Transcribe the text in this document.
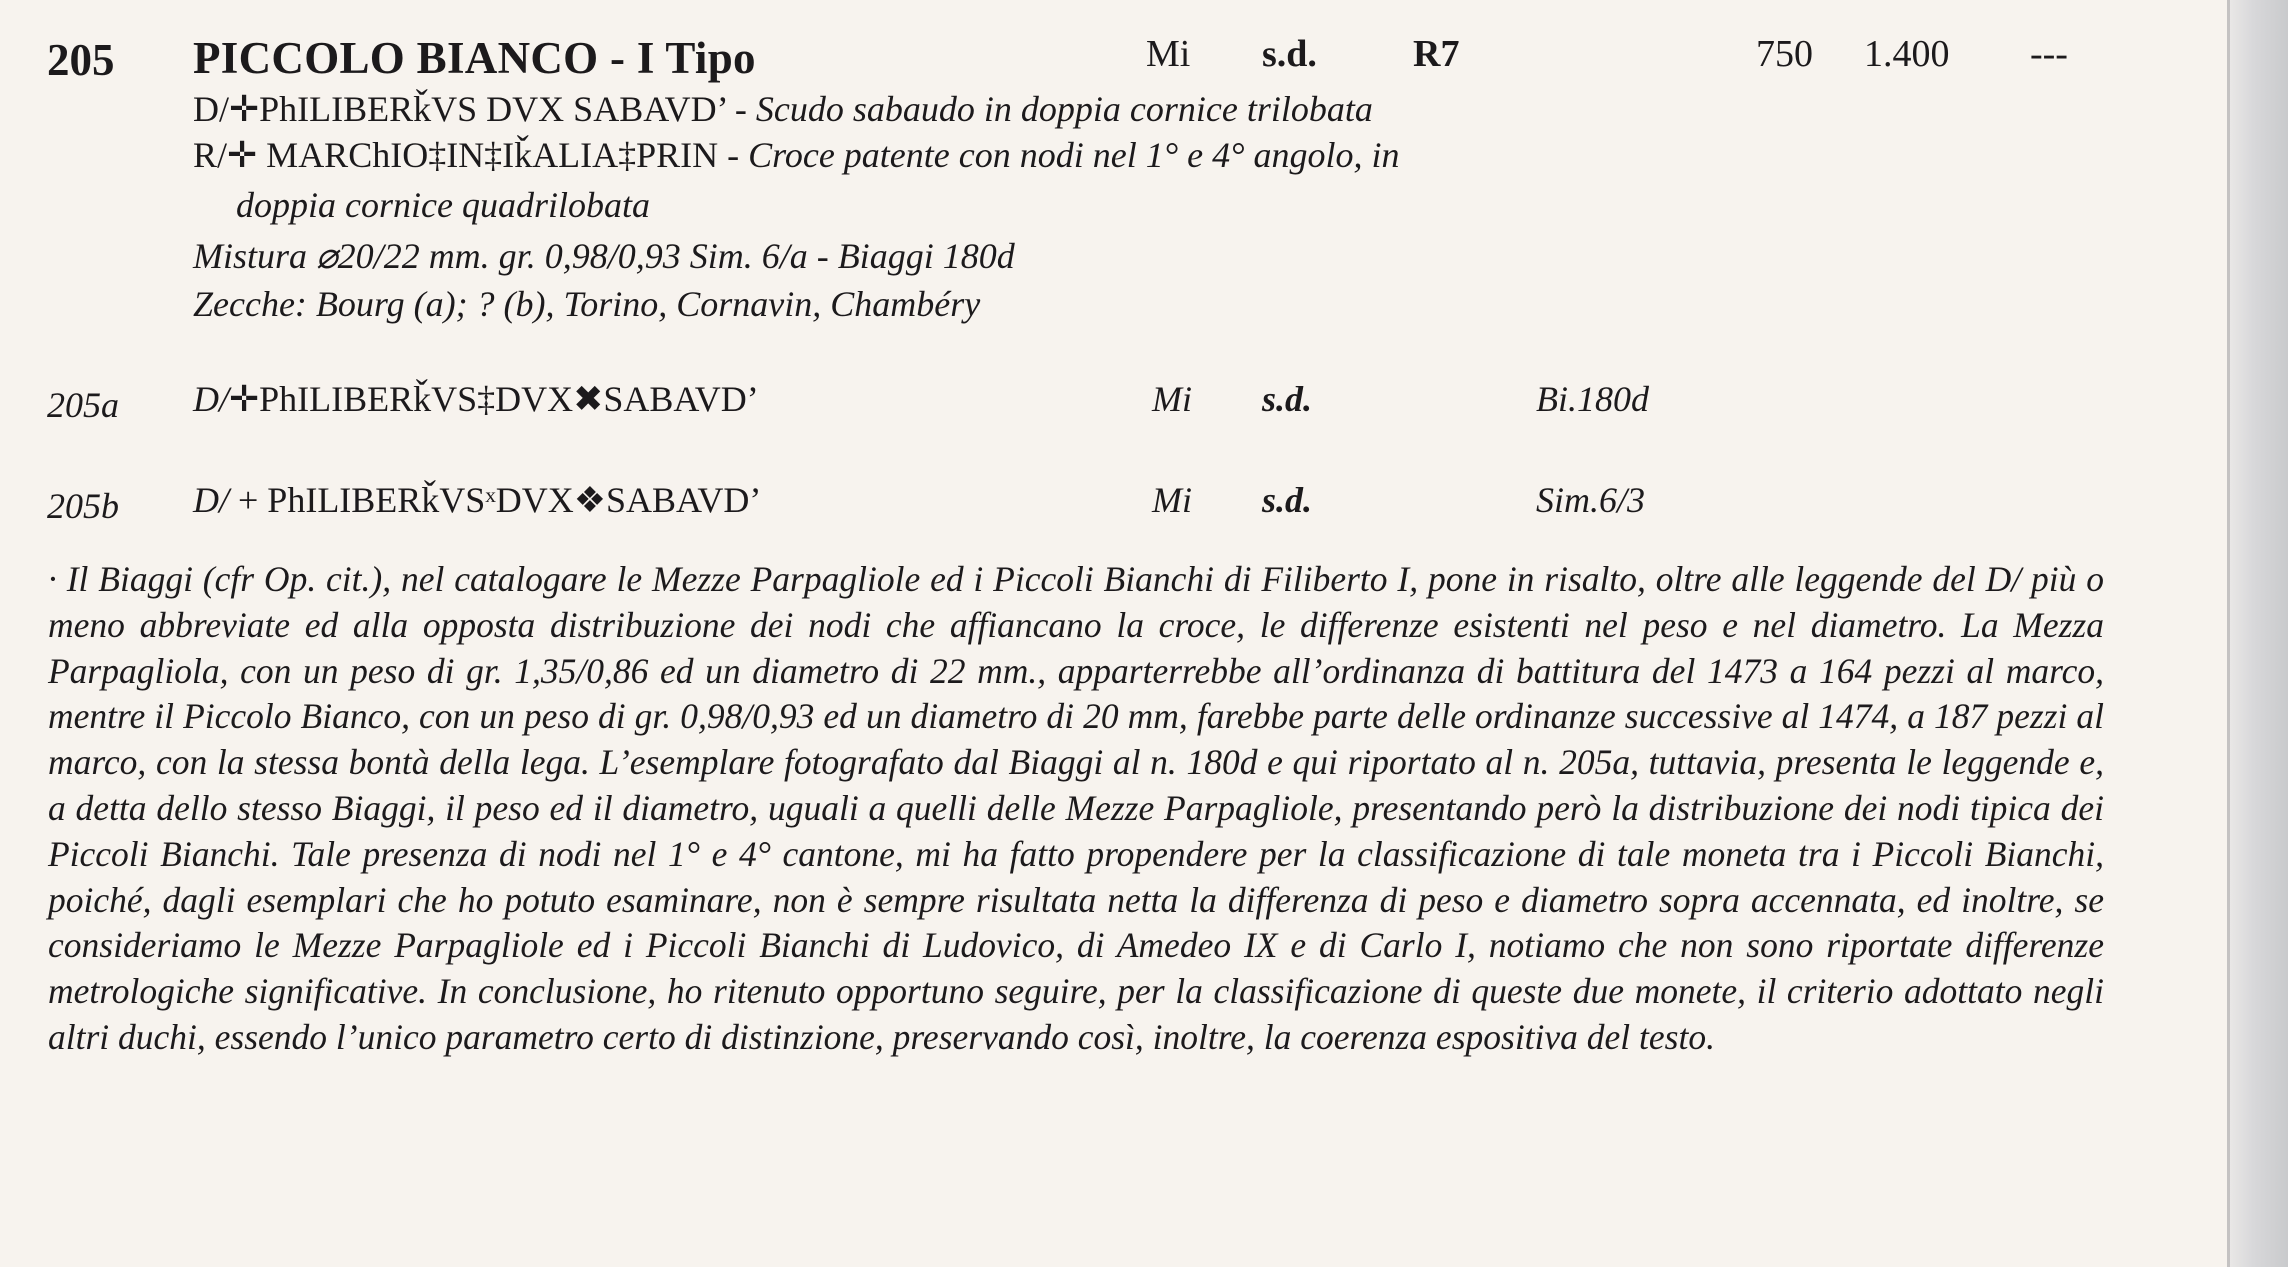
205 PICCOLO BIANCO - I Tipo	Mi s.d.	R7	750 1.400 ---
D/✛PhILIBERǩVS DVX SABAVD’ - Scudo sabaudo in doppia cornice trilobata
R/✛ MARChIO‡IN‡IǩALIA‡PRIN - Croce patente con nodi nel 1° e 4° angolo, in
doppia cornice quadrilobata
Mistura ⌀20/22 mm. gr. 0,98/0,93 Sim. 6/a - Biaggi 180d
Zecche: Bourg (a); ? (b), Torino, Cornavin, Chambéry
205a D/✛PhILIBERǩVS‡DVX✖SABAVD’	Mi s.d.	Bi.180d
205b D/ + PhILIBERǩVSˣDVX❖SABAVD’	Mi s.d.	Sim.6/3

· Il Biaggi (cfr Op. cit.), nel catalogare le Mezze Parpagliole ed i Piccoli Bianchi di Filiberto I, pone in risalto, oltre alle leggende del D/ più o meno abbreviate ed alla opposta distribuzione dei nodi che affiancano la croce, le differenze esistenti nel peso e nel diametro. La Mezza Parpagliola, con un peso di gr. 1,35/0,86 ed un diametro di 22 mm., apparterrebbe all’ordinanza di battitura del 1473 a 164 pezzi al marco, mentre il Piccolo Bianco, con un peso di gr. 0,98/0,93 ed un diametro di 20 mm, farebbe parte delle ordinanze successive al 1474, a 187 pezzi al marco, con la stessa bontà della lega. L’esemplare fotografato dal Biaggi al n. 180d e qui riportato al n. 205a, tuttavia, presenta le leggende e, a detta dello stesso Biaggi, il peso ed il diametro, uguali a quelli delle Mezze Parpagliole, presentando però la distribuzione dei nodi tipica dei Piccoli Bianchi. Tale presenza di nodi nel 1° e 4° cantone, mi ha fatto propendere per la classificazione di tale moneta tra i Piccoli Bianchi, poiché, dagli esemplari che ho potuto esaminare, non è sempre risultata netta la differenza di peso e diametro sopra accennata, ed inoltre, se consideriamo le Mezze Parpagliole ed i Piccoli Bianchi di Ludovico, di Amedeo IX e di Carlo I, notiamo che non sono riportate differenze metrologiche significative. In conclusione, ho ritenuto opportuno seguire, per la classificazione di queste due monete, il criterio adottato negli altri duchi, essendo l’unico parametro certo di distinzione, preservando così, inoltre, la coerenza espositiva del testo.
